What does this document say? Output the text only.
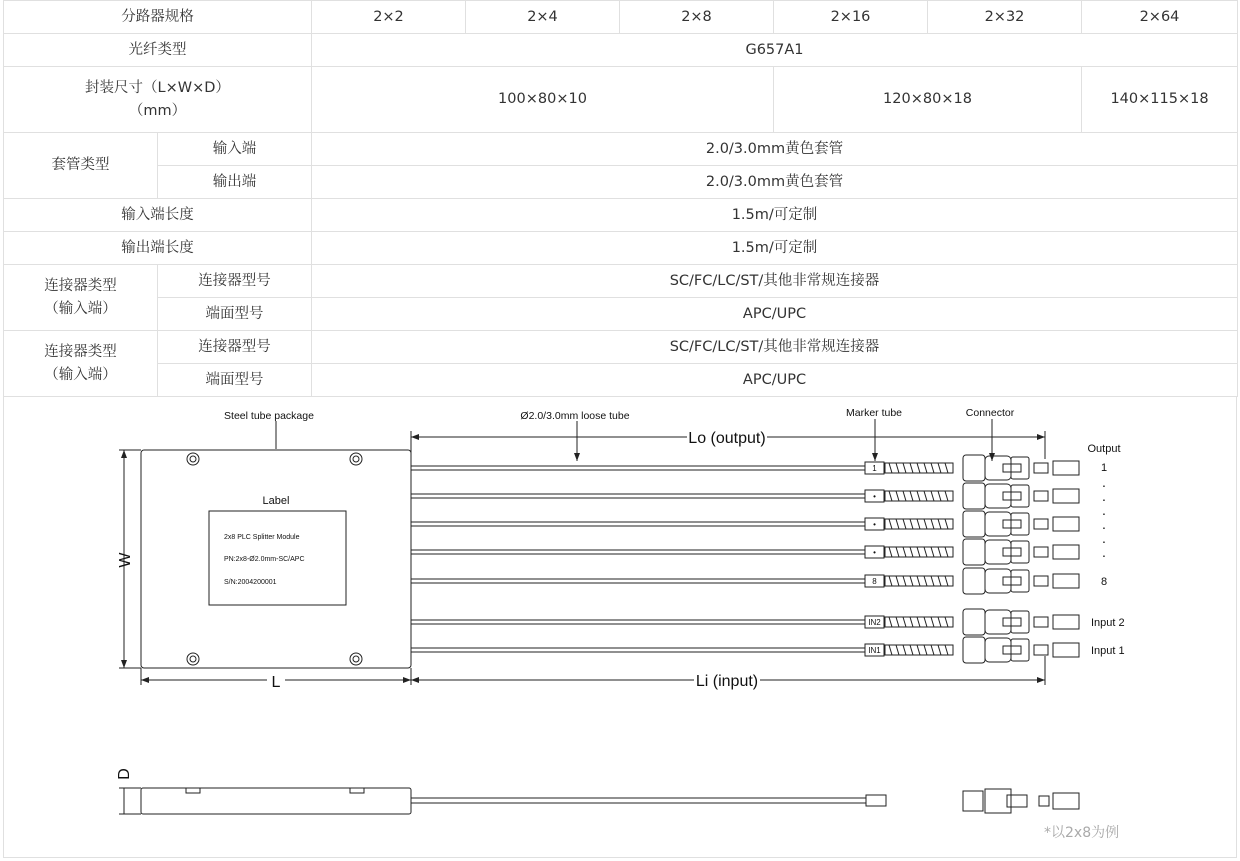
分路器规格		2×2	2×4	2×8	2×16	2×32	2×64
光纤类型		G657A1					

封装尺寸（L×W×D）
（mm）		100×80×10			120×80×18		140×115×18
套管类型	输入端	2.0/3.0mm黄色套管					
	输出端	2.0/3.0mm黄色套管					
输入端长度		1.5m/可定制					
输出端长度		1.5m/可定制					

连接器类型
（输入端）	连接器型号	SC/FC/LC/ST/其他非常规连接器					
	端面型号	APC/UPC					

连接器类型
（输入端）	连接器型号	SC/FC/LC/ST/其他非常规连接器					
	端面型号	APC/UPC					
Steel tube package	Ø2.0/3.0mm loose tube	Marker tube	Connector
Lo (output)
Li (input)
Output
Label
2x8 PLC Splitter Module
PN:2x8-Ø2.0mm-SC/APC
S/N:2004200001
W
L
D
1
8
Input 2
Input 1
·
·
·
·
·
·
1
•
•
•
8
IN2
IN1
*以2x8为例
